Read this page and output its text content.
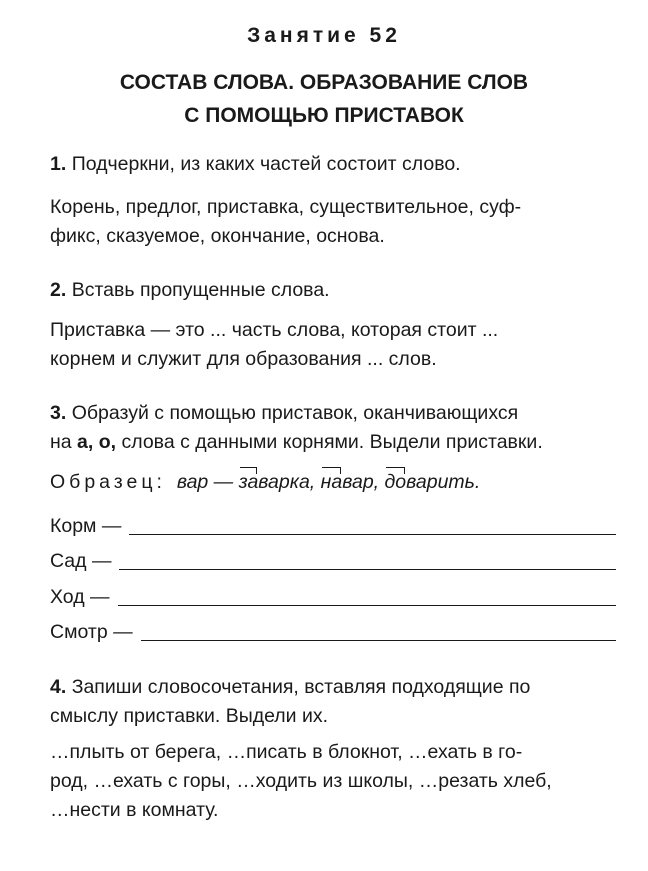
Занятие 52
СОСТАВ СЛОВА. ОБРАЗОВАНИЕ СЛОВ
С ПОМОЩЬЮ ПРИСТАВОК
1. Подчеркни, из каких частей состоит слово.
Корень, предлог, приставка, существительное, суф-
фикс, сказуемое, окончание, основа.
2. Вставь пропущенные слова.
Приставка — это ... часть слова, которая стоит ...
корнем и служит для образования ... слов.
3. Образуй с помощью приставок, оканчивающихся
на а, о, слова с данными корнями. Выдели приставки.
Образец: вар — заварка, навар, доварить.
Корм —
Сад —
Ход —
Смотр —
4. Запиши словосочетания, вставляя подходящие по
смыслу приставки. Выдели их.
…плыть от берега, …писать в блокнот, …ехать в го-
род, …ехать с горы, …ходить из школы, …резать хлеб,
…нести в комнату.
